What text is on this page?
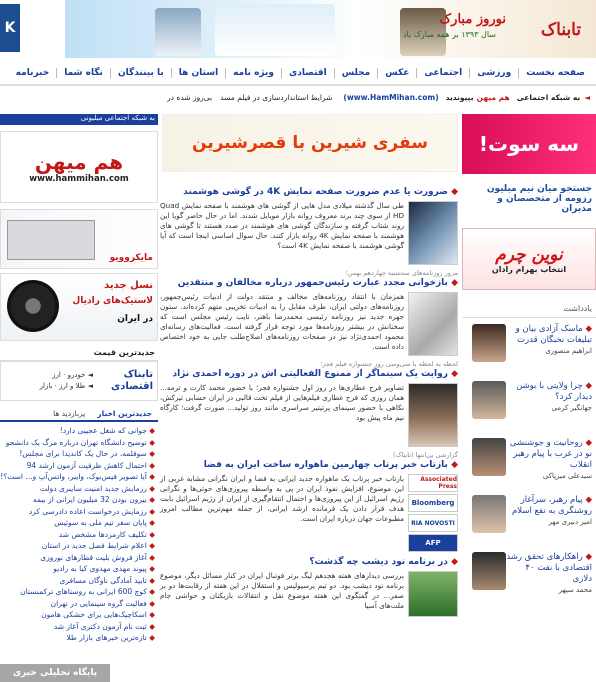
نوروز مبارک
سال ۱۳۹۳ بر همه مبارک باد	تابناک
K
صفحه نخست
ورزشی
اجتماعی
عکس
مجلس
اقتصادی
ویژه نامه
استان ها
با بینندگان
نگاه شما
خبرنامه
◄
به شبکه اجتماعی
هم میهن
بپیوندید
(www.HamMihan.com)
شرایط استانداردسازی در فیلم مسد
بی‌روز شده در
سه سوت!
جستجو میان نیم میلیون
رزومه از متخصصان و مدیران
نوین چرم
انتخاب بهرام رادان
یادداشت
◆ ماسک آزادی بیان و تبلیغات نخبگان قدرت
ابراهیم منصوری
◆ چرا ولایتی با بوشن دیدار کرد؟
جهانگیر کرمی
◆ روحانیت و جوشنشی نو در غرب با پیام رهبر انقلاب
سیدعلی میرپاکی
◆ پیام رهبر، سرآغاز روشنگری به نفع اسلام
امیر دبیری مهر
◆ راهکارهای تحقق رشد اقتصادی با نفت ۴۰ دلاری
محمد سپهر
سفری شیرین با قصرشیرین
◆ ضرورت یا عدم ضرورت صفحه نمایش 4K در گوشی هوشمند
طی سال گذشته میلادی مدل هایی از گوشی های هوشمند با صفحه نمایش Quad HD از سوی چند برند معروف روانه بازار موبایل شدند. اما در حال حاضر گویا این روند شتاب گرفته و سازندگان گوشی های هوشمند در صدد هستند تا گوشی های هوشمند با صفحه نمایش 4K روانه بازار کنند. حال سوال اساسی اینجا است که آیا گوشی هوشمند با صفحه نمایش 4K است؟
مرور روزنامه‌های سه‌شنبه چهاردهم بهمن؛
◆ بازخوانی مجدد عبارت رئیس‌جمهور درباره مخالفان و منتقدین
همزمان با انتقاد روزنامه‌های مخالف و منتقد دولت از ادبیات رئیس‌جمهور، روزنامه‌های دولتی ایران، طرف مقابل را به ادبیات تخریبی متهم کرده‌اند. ستون جهره جدید نیز روزنامه رئیسی محمدرضا باهنر، نایب رئیس مجلس است که سخنانش در بیشتر روزنامه‌ها مورد توجه قرار گرفته است. فعالیت‌های رسانه‌ای محمود احمدی‌نژاد نیز در صفحات روزنامه‌های اصلاح‌طلب جایی به خود اختصاص داده است.
لحظه به لحظه با سی‌وسی روز جشنواره فیلم فجر؛
◆ روایت یک سینماگر از ممنوع الفعالیتی اش در دوره احمدی نژاد
تصاویر فرح عطاری‌ها در روز اول جشنواره فجر؛ با حضور محمد کارت و ترمه... همان روزی که فرح عطاری فیلم‌هایی از فیلم تخت قالبی در ایران حسابی تیرکش، نکاهی با حضور سینمای پرتیتیر سراسری مانند روز تولید... صورت گرفت؛ کارگاه نیم ماه پیش بود
گزارشی بی‌انتها (تابناک)
◆ بازتاب خبر پرتاب چهارمین ماهواره ساخت ایران به فضا
Associated Press
Bloomberg
RIA NOVOSTI
AFP
بازتاب خبر پرتاب یک ماهواره جدید ایرانی به فضا و ایران نگرانی مشابه غربی از این موضوع، افزایش نفوذ ایران در پی به واسطه پیروزی‌های حوثی‌ها و نگرانی رژیم اسرائیل از این پیروزی‌ها و احتمال انتقام‌گیری از ایران از رژیم اسرائیل بابت هدف قرار دادن یک فرمانده ارشد ایرانی، از جمله مهم‌ترین مطالب امروز مطبوعات جهان درباره ایران است.
◆ در برنامه نود دیشب چه گذشت؟
بررسی دیدارهای هفته هجدهم لیگ برتر فوتبال ایران در کنار مسائل دیگر، موضوع برنامه نود دیشب بود. دو تیم پرسپولیس و استقلال در این هفته از رقابت‌ها دو بر صفر... در گفتگوی این هفته موضوع نقل و انتقالات بازیکنان و حواشی جام ملت‌های آسیا
به شبکه اجتماعی میلیونی
هم میهن
www.hammihan.com
مایکروویو
نسل جدید
لاستیک‌های رادیال
در ایران
جدیدترین قیمت
تابناک اقتصادی
◄ خودرو · ارز
◄ طلا و ارز · بازار
جدیدترین اخبار
پربازدید ها
◆ جوانی که شغل عجیبی دارد!
◆ توضیح دانشگاه تهران درباره مرگ یک دانشجو
◆ سوفلمه، در حال یک کاندیدا برای مجلس!
◆ احتمال کاهش ظرفیت آزمون ارشد 94
◆ آیا تصویر فیس‌بوک، وایبر، واتس‌آپ و... است؟!
◆ رزمایش جدید امنیت سایبری دولت
◆ بیرون بودن 32 میلیون ایرانی از بیمه
◆ رزمایش درخواست اعاده دادرسی کرد
◆ پایان سفر تیم ملی به سوئیس
◆ تکلیف کارمزدها مشخص شد
◆ اعلام شرایط فصل جدید در استان
◆ آغاز فروش بلیت قطارهای نوروزی
◆ پیوند مهدی مهدوی کیا به رادیو
◆ تایید آمادگی ناوگان مسافری
◆ کوچ 600 ایرانی به روستاهای ترکمنستان
◆ فعالیت گروه سینمایی در تهران
◆ اسکاچیک‌هایی برای خشکی هامون
◆ ثبت نام آزمون دکتری آغاز شد
◆ تازه‌ترین خبرهای بازار طلا
پایگاه تحلیلی خبری
